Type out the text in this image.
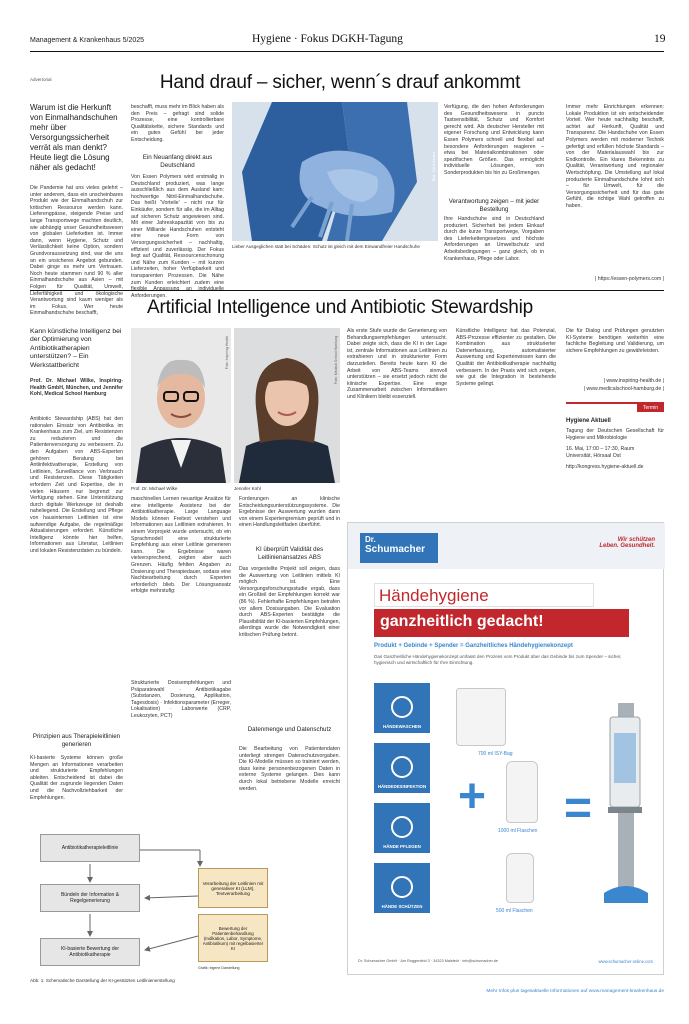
Management & Krankenhaus 5/2025	Hygiene · Fokus DGKH-Tagung	19
Advertorial	Hand drauf – sicher, wenn´s drauf ankommt
Warum ist die Herkunft von Einmalhandschuhen mehr über Versorgungssicherheit verrät als man denkt? Heute liegt die Lösung näher als gedacht!
Die Pandemie hat uns vieles gelehrt – unter anderem, dass ein unscheinbares Produkt wie der Einmalhandschuh zur kritischen Ressource werden kann. Lieferengpässe, steigende Preise und lange Transportwege machten deutlich, wie abhängig unser Gesundheitswesen von globalen Lieferketten ist. Immer dann, wenn Hygiene, Schutz und Verlässlichkeit keine Option, sondern Grundvoraussetzung sind, war die uns an ein unsicheres Angebot gebunden. Dabei ginge es mehr um Vertrauen. Noch heute stammen rund 90 % aller Einmalhandschuhe aus Asien – mit Folgen für Qualität, Umwelt, Lieferfähigkeit und ökologische Verantwortung sind kaum weniger als im Fokus. Wer heute Einmalhandschuhe beschafft,
beschafft, muss mehr im Blick haben als den Preis – gefragt sind solide Prozesse, eine kontrollierbare Qualitätskette, sichere Standards und ein gutes Gefühl bei jeder Entscheidung.
Ein Neuanfang direkt aus Deutschland
Von Essen Polymers wird erstmalig in Deutschland produziert, was lange ausschließlich aus dem Ausland kam: hochwertige Nitril-Einmalhandschuhe. Das heißt 'Vorteile' – nicht nur für Einkäufer, sondern für alle, die im Alltag auf sicheren Schutz angewiesen sind. Mit einer Jahreskapazität von bis zu einer Milliarde Handschuhen entsteht eine neue Form von Versorgungssicherheit – nachhaltig, effizient und zuverlässig. Der Fokus liegt auf Qualität, Ressourcenschonung und Nähe zum Kunden – mit kurzen Lieferzeiten, hoher Verfügbarkeit und transparenten Prozessen. Die Nähe zum Kunden erleichtert zudem eine Anforderungen.
Bild: Gerd Sauter
Lieber Ausgeglichen statt bei Schäden: Schutz ist gleich mit dem Einwandfreier Handschuhe
Verfügung, die den hohen Anforderungen des Gesundheitswesens in puncto Tastsensibilität, Schutz und Komfort gerecht wird. Als deutscher Hersteller mit eigener Forschung und Entwicklung kann Essen Polymers schnell und flexibel auf besondere Anforderungen reagieren – etwa bei Materialkombinationen oder spezifischen Größen. Das ermöglicht individuelle Lösungen, von Sonderprodukten bis hin zu Großmengen.
Verantwortung zeigen – mit jeder Bestellung
Ihre Handschuhe sind in Deutschland produziert. Sicherheit bei jedem Einkauf durch die kurze Transportwege, Vorgaben des Lieferkettengesetzes und höchste Anforderungen an Umweltschutz und Arbeitsbedingungen – ganz gleich, ob in Krankenhaus, Pflege oder Labor.
Immer mehr Einrichtungen erkennen: Lokale Produktion ist ein entscheidender Vorteil. Wer heute nachhaltig beschafft, achtet auf Herkunft, Qualität und Transparenz. Die Handschuhe von Essen Polymers werden mit moderner Technik gefertigt und erfüllen höchste Standards – von der Materialauswahl bis zur Endkontrolle. Ein klares Bekenntnis zu Qualität, Verantwortung und regionaler Wertschöpfung. Die Umstellung auf lokal produzierte Einmalhandschuhe lohnt sich – für Umwelt, für die Versorgungssicherheit und für das gute Gefühl, die richtige Wahl getroffen zu haben.
| https://essen-polymers.com |
Artificial Intelligence und Antibiotic Stewardship
Kann künstliche Intelligenz bei der Optimierung von Antibiotikatherapien unterstützen? – Ein Werkstattbericht
Prof. Dr. Michael Wilke, Inspiring-Health GmbH, München, und Jennifer Kohl, Medical School Hamburg
Antibiotic Stewardship (ABS) hat den rationalen Einsatz von Antibiotika im Krankenhaus zum Ziel, um Resistenzen zu reduzieren und die Patientenversorgung zu verbessern. Zu den Aufgaben von ABS-Experten gehören: Beratung bei Antiinfektivatherapie, Erstellung von Leitlinien, Surveillance von Verbrauch und Resistenzen. Diese Tätigkeiten erfordern Zeit und Expertise, die in vielen Häusern nur begrenzt zur Verfügung stehen. Eine Unterstützung durch digitale Werkzeuge ist deshalb naheliegend. Die Erstellung und Pflege von hausinternen Leitlinien ist eine aufwendige Aufgabe, die regelmäßige Aktualisierungen erfordert. Künstliche Intelligenz könnte hier helfen, Informationen aus Literatur, Leitlinien und lokalen Resistenzdaten zu bündeln.
Prinzipien aus Therapieleitlinien generieren
KI-basierte Systeme können große Mengen an Informationen verarbeiten und strukturierte Empfehlungen ableiten. Entscheidend ist dabei die Qualität der zugrunde liegenden Daten und die Nachvollziehbarkeit der Empfehlungen.
Foto: Inspiring Health
Prof. Dr. Michael Wilke
Foto: Medical School Hamburg
Jennifer Kohl
maschinellen Lernen neuartige Ansätze für eine intelligente Assistenz bei der Antibiotikatherapie. Large Language Models können Freitext verstehen und Informationen aus Leitlinien extrahieren. In einem Vorprojekt wurde untersucht, ob ein Sprachmodell eine strukturierte Empfehlung aus einer Leitlinie generieren kann. Die Ergebnisse waren vielversprechend, zeigten aber auch Grenzen. Häufig fehlten Angaben zu Dosierung und Therapiedauer, sodass eine Nachbearbeitung durch Experten erforderlich blieb. Der Lösungsansatz erfolgte mehrstufig:
Strukturierte Dosisempfehlungen und Präparatewahl · Antibiotikagabe (Substanzen, Dosierung, Applikation, Tagesdosis) · Infektionsparameter (Erreger, Lokalisation) · Laborwerte (CRP, Leukozyten, PCT)
Forderungen an klinische Entscheidungsunterstützungssysteme. Die Ergebnisse der Auswertung wurden dann von einem Expertengremium geprüft und in einen Handlungsleitfaden überführt.
KI überprüft Validität des Leitlinienansatzes ABS
Das vorgestellte Projekt soll zeigen, dass die Auswertung von Leitlinien mittels KI möglich ist. Eine Versorgungsforschungsstudie ergab, dass ein Großteil der Empfehlungen korrekt war (86 %). Fehlerhafte Empfehlungen betrafen vor allem Dosisangaben. Die Evaluation durch ABS-Experten bestätigte die Plausibilität der KI-basierten Empfehlungen, allerdings wurde die Notwendigkeit einer kritischen Prüfung betont.
Datenmenge und Datenschutz
Die Bearbeitung von Patientendaten unterliegt strengen Datenschutzvorgaben. Die KI-Modelle müssen so trainiert werden, dass keine personenbezogenen Daten in externe Systeme gelangen. Dies kann durch lokal betriebene Modelle erreicht werden.
Als erste Stufe wurde die Generierung von Behandlungsempfehlungen untersucht. Dabei zeigte sich, dass die KI in der Lage ist, zentrale Informationen aus Leitlinien zu extrahieren und in strukturierter Form darzustellen. Bereits heute kann KI die Arbeit von ABS-Teams sinnvoll unterstützen – sie ersetzt jedoch nicht die klinische Expertise. Eine enge Zusammenarbeit zwischen Informatikern und Klinikern bleibt essenziell.
Künstliche Intelligenz hat das Potenzial, ABS-Prozesse effizienter zu gestalten. Die Kombination aus strukturierter Datenerfassung, automatisierter Auswertung und Expertenwissen kann die Qualität der Antibiotikatherapie nachhaltig verbessern. In der Praxis wird sich zeigen, wie gut die Integration in bestehende Systeme gelingt.
Die für Dialog und Prüfungen genutzten KI-Systeme benötigen weiterhin eine fachliche Begleitung und Validierung, um sichere Empfehlungen zu gewährleisten.
| www.inspiring-health.de |
| www.medicalschool-hamburg.de |
Termin
Hygiene Aktuell
Tagung der Deutschen Gesellschaft für Hygiene und Mikrobiologie
16. Mai, 17:00 – 17:30, Raum
Universität, Hörsaal Ost
http://kongress.hygiene-aktuell.de
Antibiotikatherapieleitlinie
Bündeln der Information & Regelgenerierung
KI-basierte Bewertung der Antibiotikatherapie
Verarbeitung der Leitlinien mit generativer KI (LLM), Textverarbeitung
Bewertung der Patientenbehandlung (Indikation, Labor, Symptome, Antibiotikum) mit regelbasierter KI
Grafik: eigene Darstellung
Abb. 1: Schematische Darstellung der KI-gestützten Leitlinienerstellung
Dr.
Schumacher
Wir schützen
Leben. Gesundheit.
Händehygiene
ganzheitlich gedacht!
Produkt + Gebinde + Spender = Ganzheitliches Händehygienekonzept
Das Ganzheitliche Händehygienekonzept umfasst den Prozess vom Produkt über das Gebinde bis zum Spender – sicher, hygienisch und wirtschaftlich für Ihre Einrichtung.
HÄNDEWASCHEN
HÄNDEDESINFEKTION
HÄNDE PFLEGEN
HÄNDE SCHÜTZEN
700 ml ISY-Bag
+
1000 ml Flaschen
500 ml Flaschen
=
Dr. Schumacher GmbH · Am Roggenfeld 3 · 34323 Malsfeld · info@schumacher.de	www.schumacher-online.com
Mehr Infos plus tagesaktuelle Informationen auf www.management-krankenhaus.de
